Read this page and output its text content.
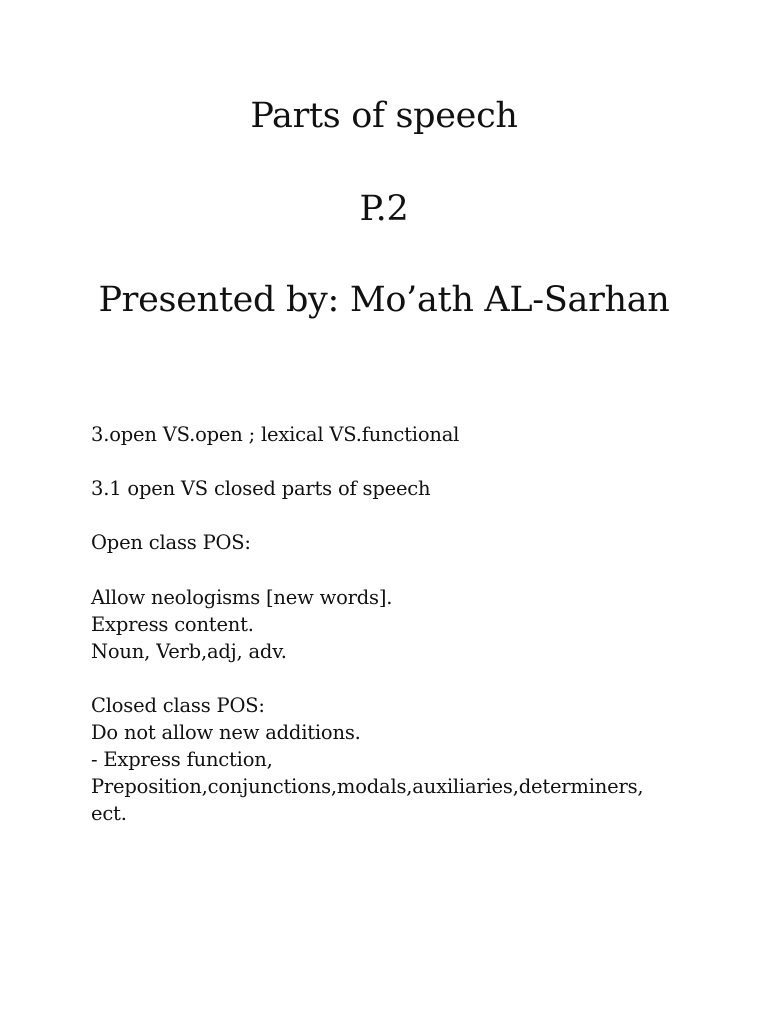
Parts of speech
P.2
Presented by: Mo’ath AL-Sarhan
3.open VS.open ; lexical VS.functional
3.1 open VS closed parts of speech
Open class POS:
Allow neologisms [new words].
Express content.
Noun, Verb,adj, adv.
Closed class POS:
Do not allow new additions.
- Express function,
Preposition,conjunctions,modals,auxiliaries,determiners,
ect.
